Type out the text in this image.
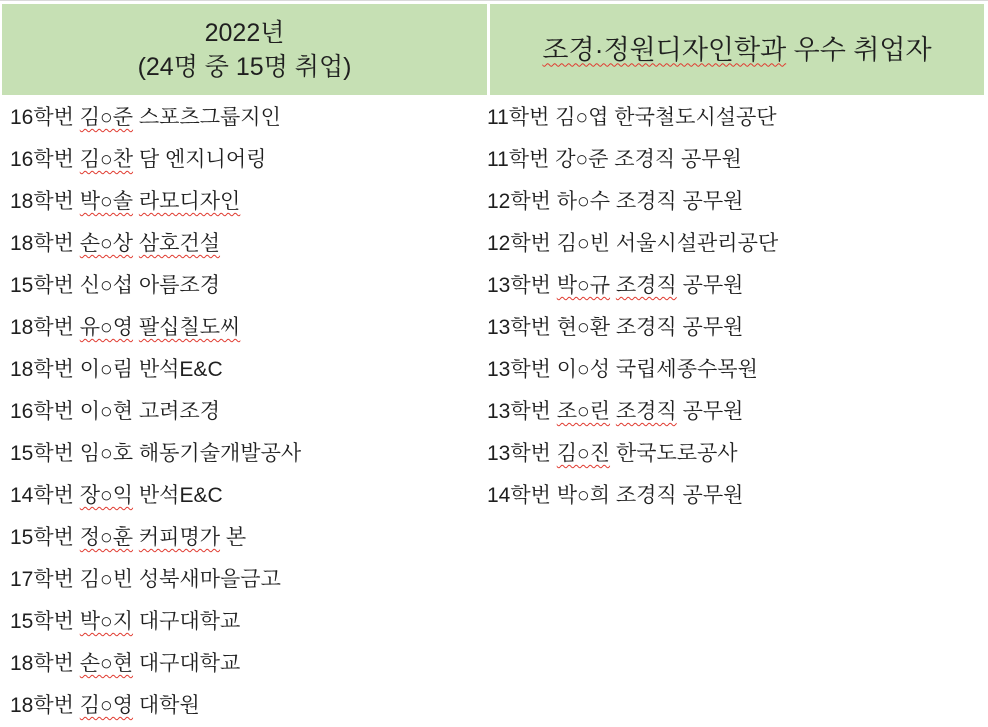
2022년
(24명 중 15명 취업)
조경·정원디자인학과 우수 취업자
16학번 김○준 스포츠그룹지인
16학번 김○찬 담 엔지니어링
18학번 박○솔 라모디자인
18학번 손○상 삼호건설
15학번 신○섭 아름조경
18학번 유○영 팔십칠도씨
18학번 이○림 반석E&C
16학번 이○현 고려조경
15학번 임○호 해동기술개발공사
14학번 장○익 반석E&C
15학번 정○훈 커피명가 본
17학번 김○빈 성북새마을금고
15학번 박○지 대구대학교
18학번 손○현 대구대학교
18학번 김○영 대학원
11학번 김○엽 한국철도시설공단
11학번 강○준 조경직 공무원
12학번 하○수 조경직 공무원
12학번 김○빈 서울시설관리공단
13학번 박○규 조경직 공무원
13학번 현○환 조경직 공무원
13학번 이○성 국립세종수목원
13학번 조○린 조경직 공무원
13학번 김○진 한국도로공사
14학번 박○희 조경직 공무원
